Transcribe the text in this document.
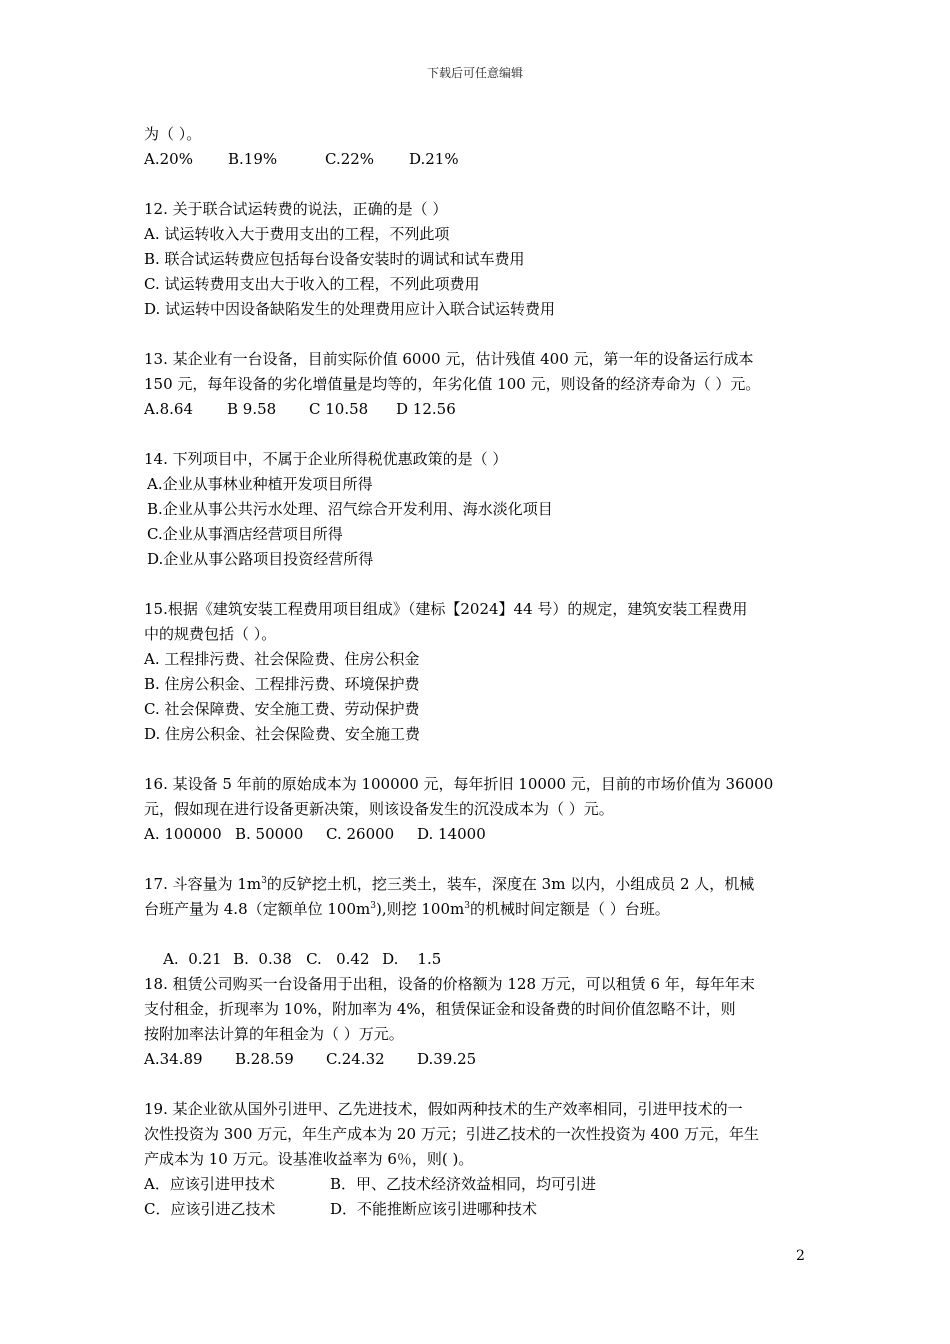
下载后可任意编辑
为（ ）。
A.20% B.19%	C.22% D.21%
12. 关于联合试运转费的说法，正确的是（ ）
A. 试运转收入大于费用支出的工程，不列此项
B. 联合试运转费应包括每台设备安装时的调试和试车费用
C. 试运转费用支出大于收入的工程，不列此项费用
D. 试运转中因设备缺陷发生的处理费用应计入联合试运转费用
13. 某企业有一台设备，目前实际价值 6000 元，估计残值 400 元，第一年的设备运行成本
150 元，每年设备的劣化增值量是均等的，年劣化值 100 元，则设备的经济寿命为（ ）元。
A.8.64 B 9.58 C 10.58 D 12.56
14. 下列项目中，不属于企业所得税优惠政策的是（ ）
A.企业从事林业种植开发项目所得
B.企业从事公共污水处理、沼气综合开发利用、海水淡化项目
C.企业从事酒店经营项目所得
D.企业从事公路项目投资经营所得
15.根据《建筑安装工程费用项目组成》（建标【2024】44 号）的规定，建筑安装工程费用
中的规费包括（ ）。
A. 工程排污费、社会保险费、住房公积金
B. 住房公积金、工程排污费、环境保护费
C. 社会保障费、安全施工费、劳动保护费
D. 住房公积金、社会保险费、安全施工费
16. 某设备 5 年前的原始成本为 100000 元，每年折旧 10000 元，目前的市场价值为 36000
元，假如现在进行设备更新决策，则该设备发生的沉没成本为（ ）元。
A. 100000 B. 50000 C. 26000 D. 14000
17. 斗容量为 $1m^3$的反铲挖土机，挖三类土，装车，深度在 3m 以内，小组成员 2 人，机械
台班产量为 4.8（定额单位 $100m^3$),则挖 $100m^3$的机械时间定额是（ ）台班。

A.  0.21 B.  0.38 C.   0.42 D.    1.5

18. 租赁公司购买一台设备用于出租，设备的价格额为 128 万元，可以租赁 6 年，每年年末
支付租金，折现率为 10%，附加率为 4%，租赁保证金和设备费的时间价值忽略不计，则
按附加率法计算的年租金为（ ）万元。
A.34.89 B.28.59 C.24.32 D.39.25
19. 某企业欲从国外引进甲、乙先进技术，假如两种技术的生产效率相同，引进甲技术的一
次性投资为 300 万元，年生产成本为 20 万元；引进乙技术的一次性投资为 400 万元，年生
产成本为 10 万元。设基准收益率为 6％，则( )。
A．应该引进甲技术	B．甲、乙技术经济效益相同，均可引进
C．应该引进乙技术	D．不能推断应该引进哪种技术
2
